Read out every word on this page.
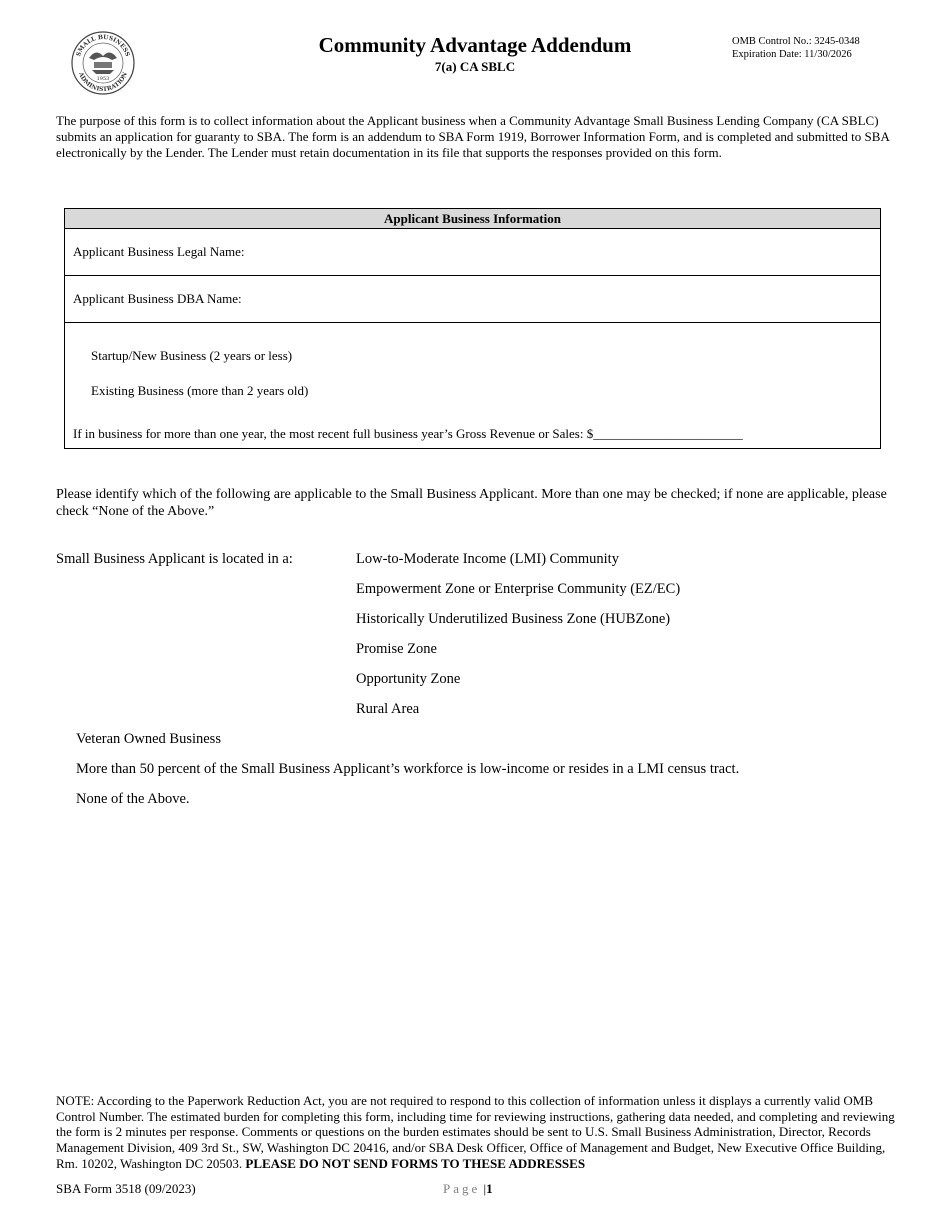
SMALL BUSINESS
ADMINISTRATION
1953
Community Advantage Addendum
7(a) CA SBLC
OMB Control No.: 3245-0348
Expiration Date: 11/30/2026
The purpose of this form is to collect information about the Applicant business when a Community Advantage Small Business Lending Company (CA SBLC) submits an application for guaranty to SBA. The form is an addendum to SBA Form 1919, Borrower Information Form, and is completed and submitted to SBA electronically by the Lender. The Lender must retain documentation in its file that supports the responses provided on this form.
Applicant Business Information
Applicant Business Legal Name:
Applicant Business DBA Name:
Startup/New Business (2 years or less)
Existing Business (more than 2 years old)
If in business for more than one year, the most recent full business year’s Gross Revenue or Sales: $_______________________
Please identify which of the following are applicable to the Small Business Applicant. More than one may be checked; if none are applicable, please check “None of the Above.”
Small Business Applicant is located in a:	Low-to-Moderate Income (LMI) Community
Empowerment Zone or Enterprise Community (EZ/EC)
Historically Underutilized Business Zone (HUBZone)
Promise Zone
Opportunity Zone
Rural Area
Veteran Owned Business
More than 50 percent of the Small Business Applicant’s workforce is low-income or resides in a LMI census tract.
None of the Above.
NOTE: According to the Paperwork Reduction Act, you are not required to respond to this collection of information unless it displays a currently valid OMB Control Number. The estimated burden for completing this form, including time for reviewing instructions, gathering data needed, and completing and reviewing the form is 2 minutes per response. Comments or questions on the burden estimates should be sent to U.S. Small Business Administration, Director, Records Management Division, 409 3rd St., SW, Washington DC 20416, and/or SBA Desk Officer, Office of Management and Budget, New Executive Office Building, Rm. 10202, Washington DC 20503. PLEASE DO NOT SEND FORMS TO THESE ADDRESSES
SBA Form 3518 (09/2023)	Page |1
